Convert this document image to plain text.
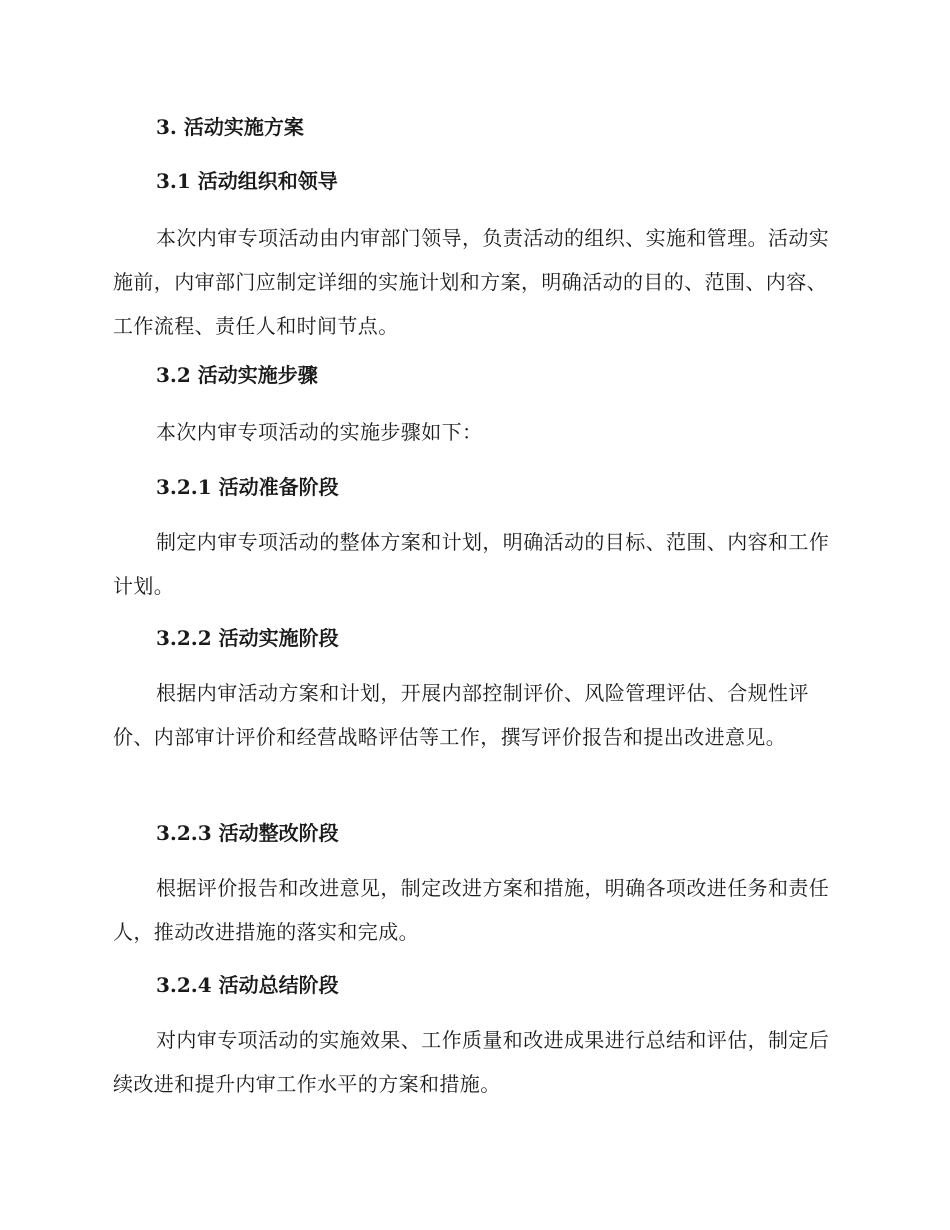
3. 活动实施方案
3.1 活动组织和领导

本次内审专项活动由内审部门领导，负责活动的组织、实施和管理。活动实施前，内审部门应制定详细的实施计划和方案，明确活动的目的、范围、内容、工作流程、责任人和时间节点。

3.2 活动实施步骤

本次内审专项活动的实施步骤如下：

3.2.1 活动准备阶段

制定内审专项活动的整体方案和计划，明确活动的目标、范围、内容和工作计划。

3.2.2 活动实施阶段

根据内审活动方案和计划，开展内部控制评价、风险管理评估、合规性评价、内部审计评价和经营战略评估等工作，撰写评价报告和提出改进意见。

3.2.3 活动整改阶段

根据评价报告和改进意见，制定改进方案和措施，明确各项改进任务和责任人，推动改进措施的落实和完成。

3.2.4 活动总结阶段

对内审专项活动的实施效果、工作质量和改进成果进行总结和评估，制定后续改进和提升内审工作水平的方案和措施。
